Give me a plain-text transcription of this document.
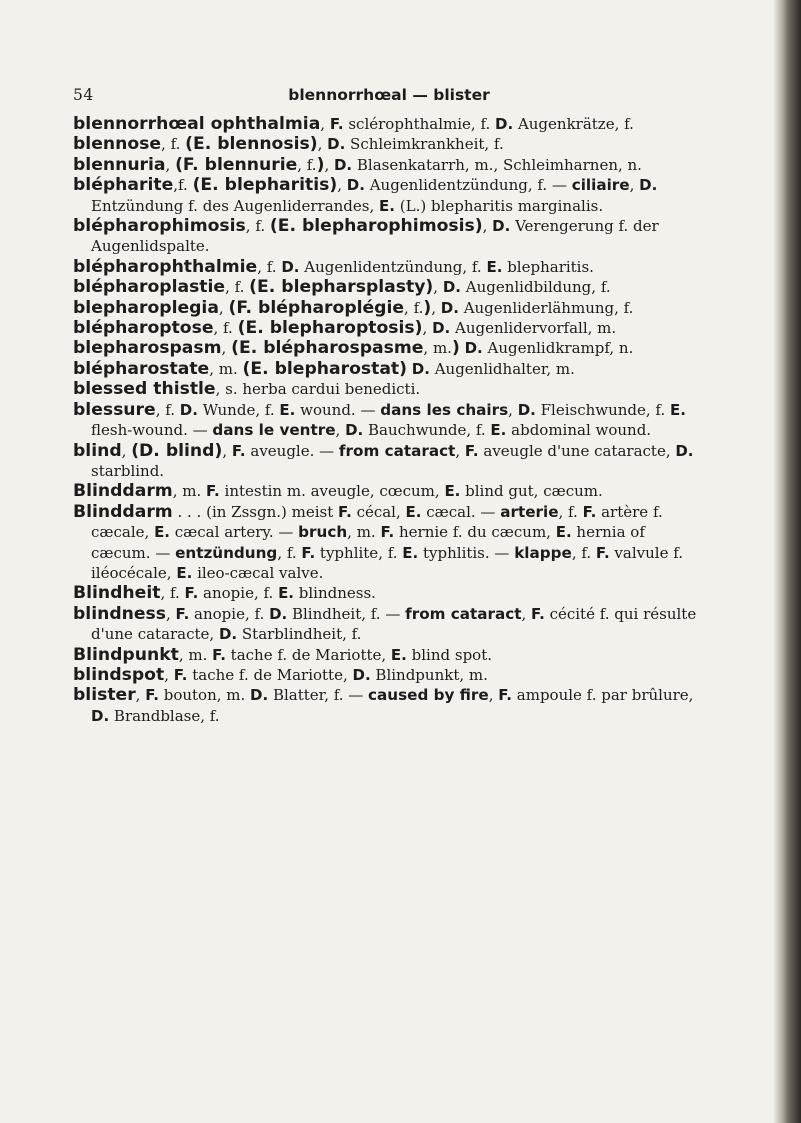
54	blennorrhœal — blister
blennorrhœal ophthalmia, F. sclérophthalmie, f. D. Augenkrätze, f.
blennose, f. (E. blennosis), D. Schleimkrankheit, f.
blennuria, (F. blennurie, f.), D. Blasenkatarrh, m., Schleimharnen, n.
blépharite,f. (E. blepharitis), D. Augenlidentzündung, f. — ciliaire, D. Entzündung f. des Augenliderrandes, E. (L.) blepharitis marginalis.
blépharophimosis, f. (E. blepharophimosis), D. Verengerung f. der Augenlidspalte.
blépharophthalmie, f. D. Augenlidentzündung, f. E. blepharitis.
blépharoplastie, f. (E. blepharsplasty), D. Augenlidbildung, f.
blepharoplegia, (F. blépharoplégie, f.), D. Augenliderlähmung, f.
blépharoptose, f. (E. blepharoptosis), D. Augenlidervorfall, m.
blepharospasm, (E. blépharospasme, m.) D. Augenlidkrampf, n.
blépharostate, m. (E. blepharostat) D. Augenlidhalter, m.
blessed thistle, s. herba cardui benedicti.
blessure, f. D. Wunde, f. E. wound. — dans les chairs, D. Fleischwunde, f. E. flesh-wound. — dans le ventre, D. Bauchwunde, f. E. abdominal wound.
blind, (D. blind), F. aveugle. — from cataract, F. aveugle d'une cataracte, D. starblind.
Blinddarm, m. F. intestin m. aveugle, cœcum, E. blind gut, cæcum.
Blinddarm . . . (in Zssgn.) meist F. cécal, E. cæcal. — arterie, f. F. artère f. cæcale, E. cæcal artery. — bruch, m. F. hernie f. du cæcum, E. hernia of cæcum. — entzündung, f. F. typhlite, f. E. typhlitis. — klappe, f. F. valvule f. iléocécale, E. ileo-cæcal valve.
Blindheit, f. F. anopie, f. E. blindness.
blindness, F. anopie, f. D. Blindheit, f. — from cataract, F. cécité f. qui résulte d'une cataracte, D. Starblindheit, f.
Blindpunkt, m. F. tache f. de Mariotte, E. blind spot.
blindspot, F. tache f. de Mariotte, D. Blindpunkt, m.
blister, F. bouton, m. D. Blatter, f. — caused by fire, F. ampoule f. par brûlure, D. Brandblase, f.
